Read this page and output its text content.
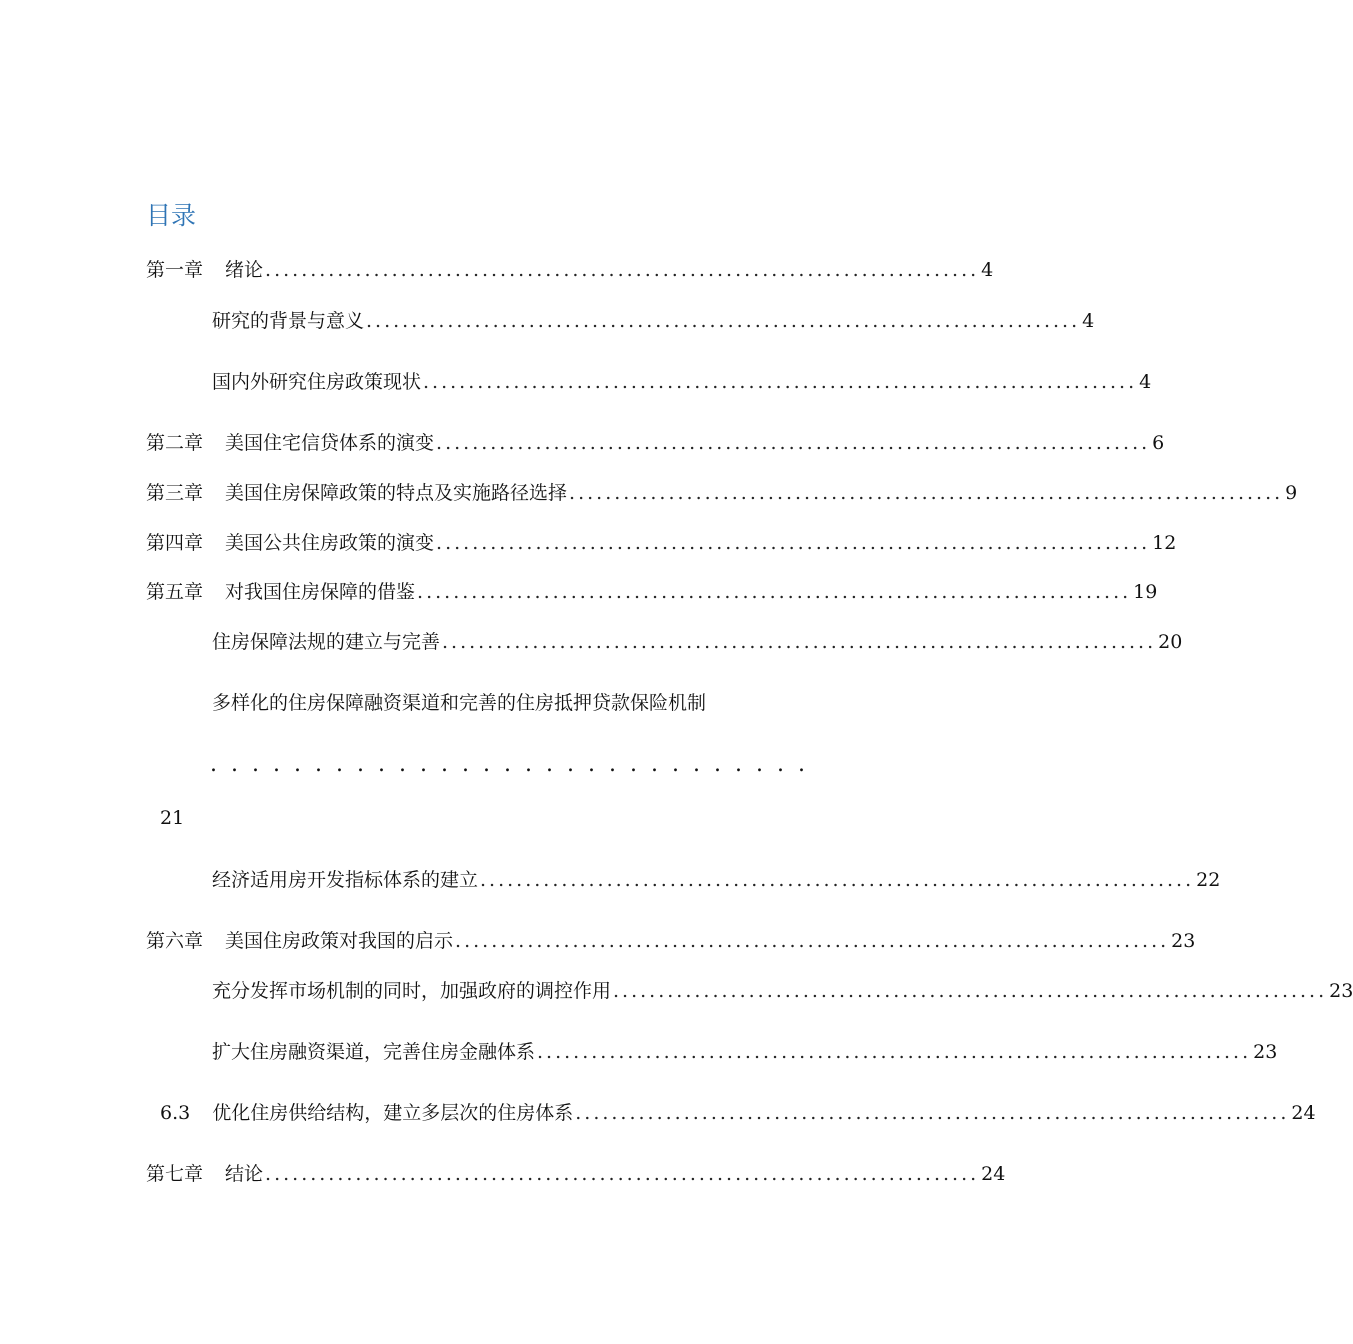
目录
第一章 绪论 ............................................................................... 4
研究的背景与意义 ............................................................................... 4
国内外研究住房政策现状 ............................................................................... 4
第二章 美国住宅信贷体系的演变 ............................................................................... 6
第三章 美国住房保障政策的特点及实施路径选择 ............................................................................... 9
第四章 美国公共住房政策的演变 ............................................................................... 12
第五章 对我国住房保障的借鉴 ............................................................................... 19
住房保障法规的建立与完善 ............................................................................... 20
多样化的住房保障融资渠道和完善的住房抵押贷款保险机制
. . . . . . . . . . . . . . . . . . . . . . . . . . . . .
21
经济适用房开发指标体系的建立 ............................................................................... 22
第六章 美国住房政策对我国的启示 ............................................................................... 23
充分发挥市场机制的同时，加强政府的调控作用 ............................................................................... 23
扩大住房融资渠道，完善住房金融体系 ............................................................................... 23
6.3 优化住房供给结构，建立多层次的住房体系 ............................................................................... 24
第七章 结论 ............................................................................... 24
